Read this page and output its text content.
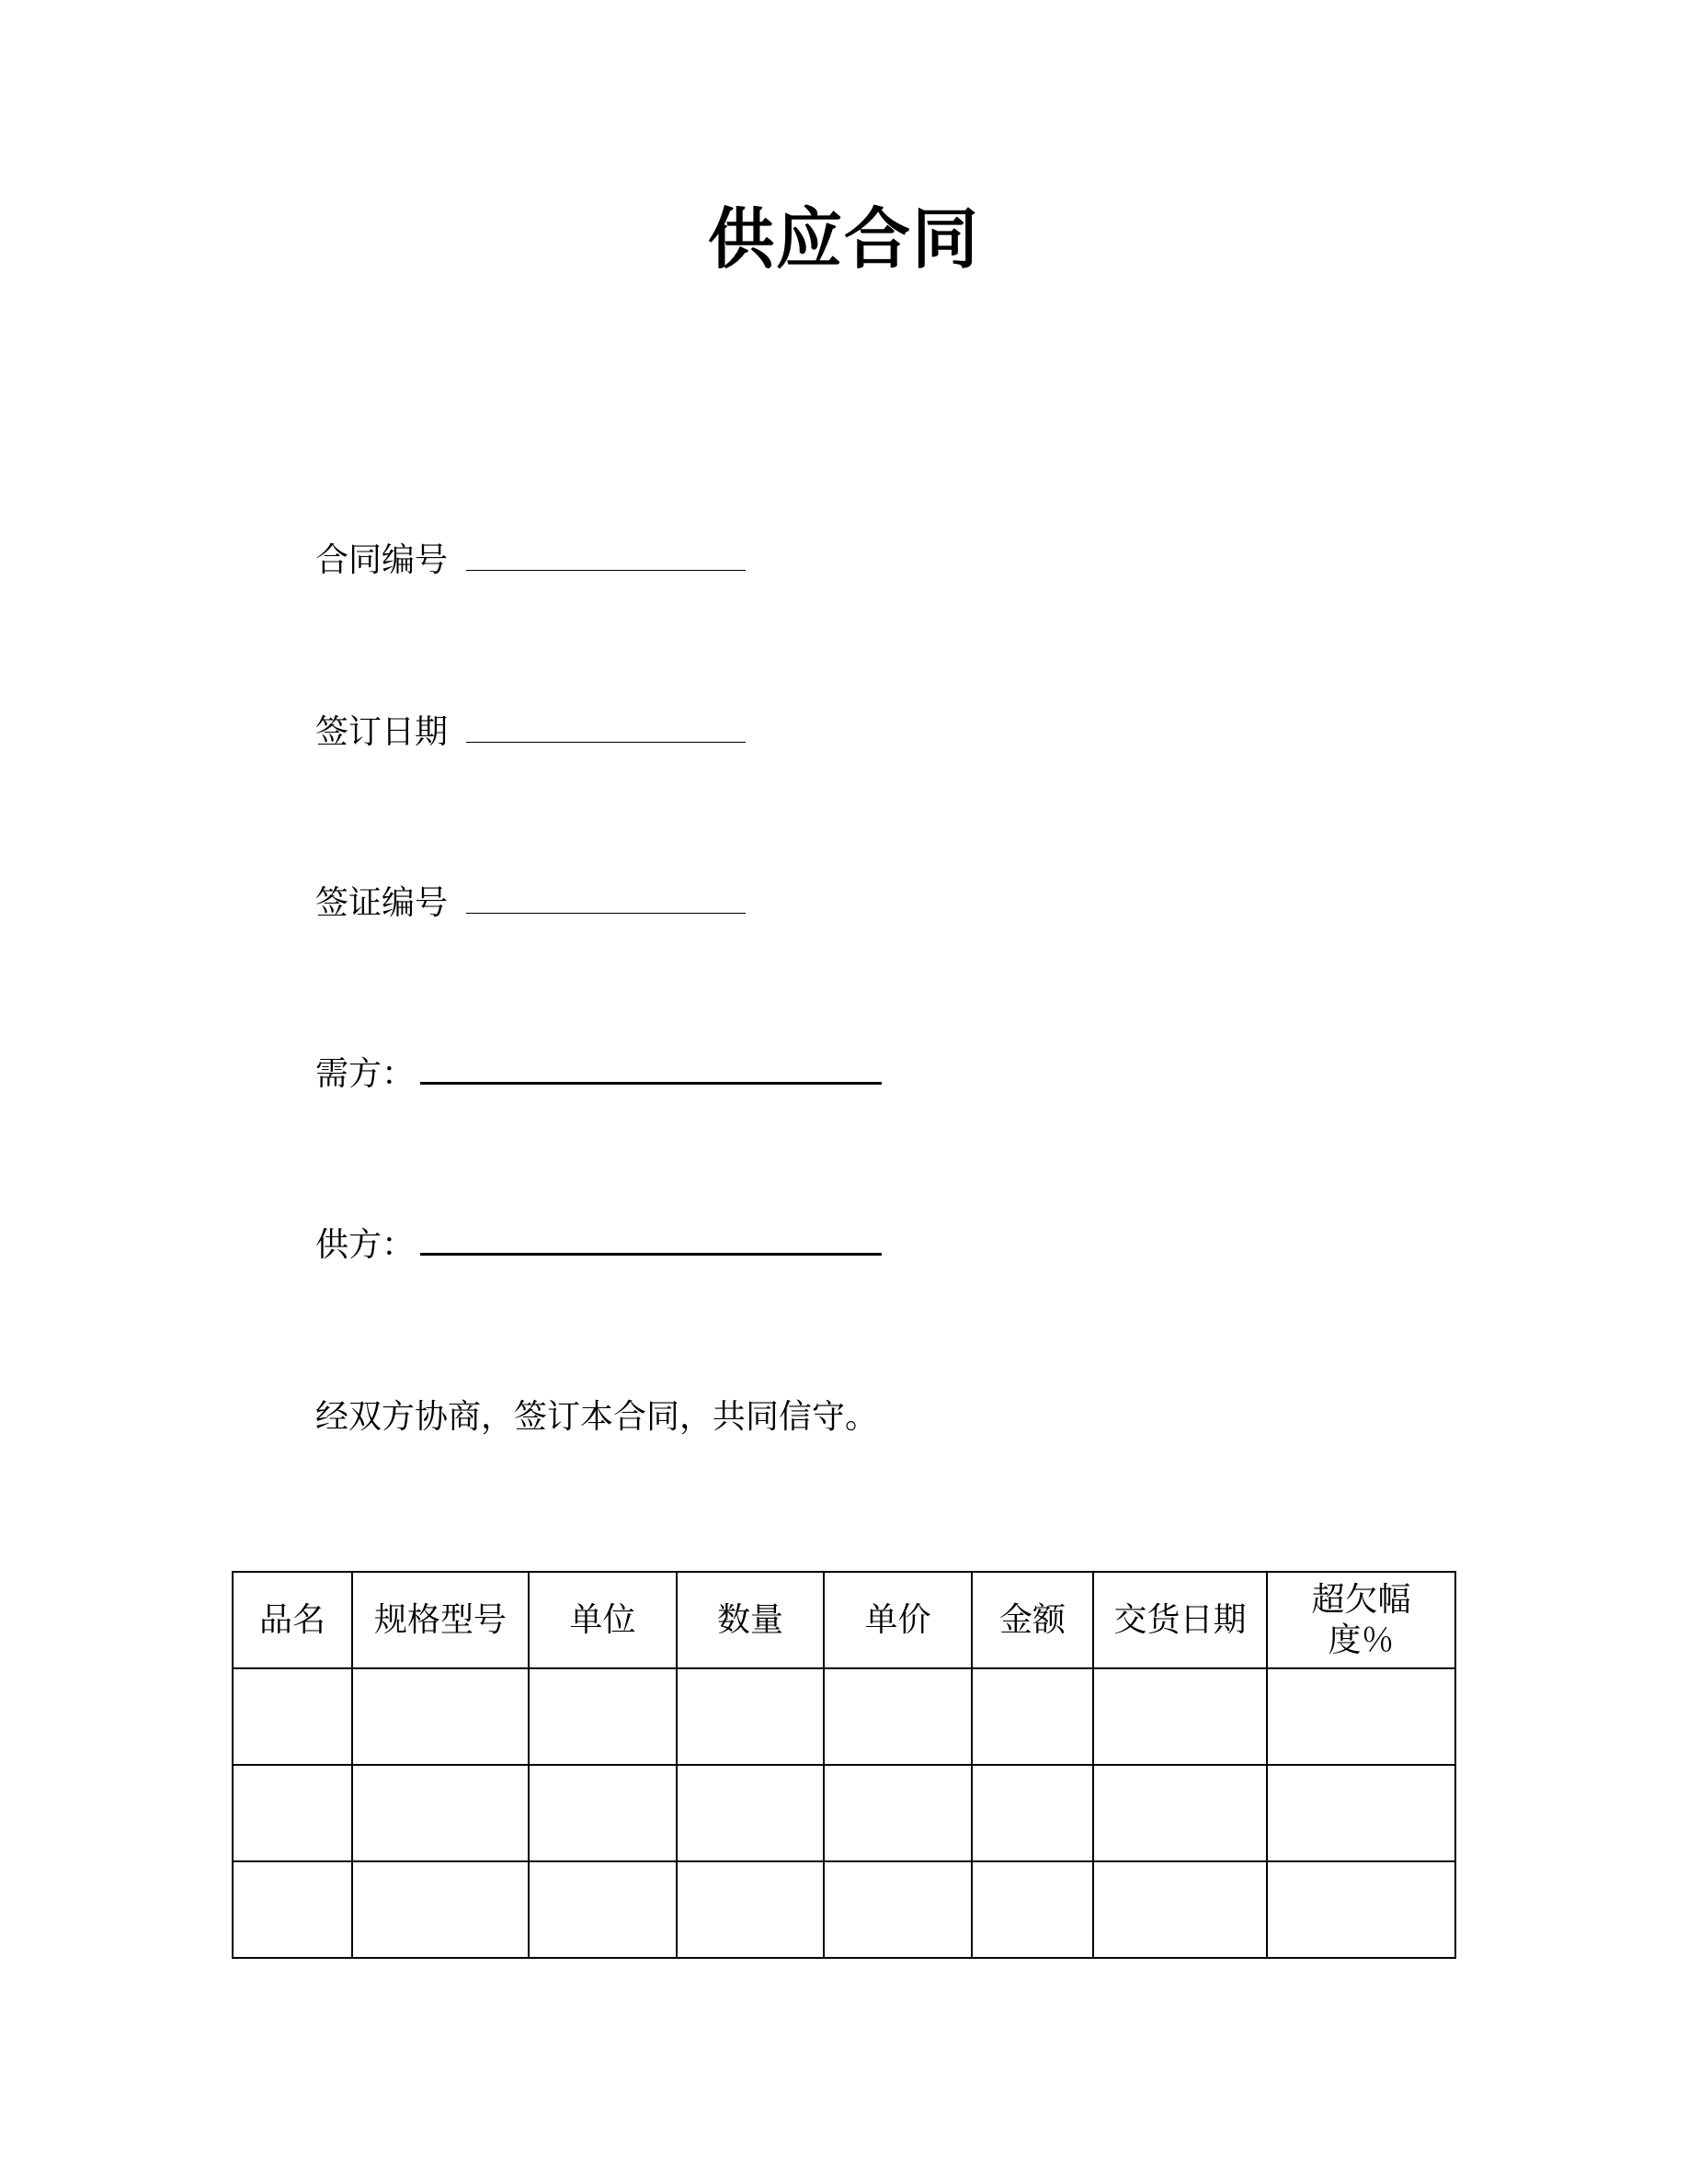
供应合同
合同编号
签订日期
签证编号
需方：
供方：
经双方协商，签订本合同，共同信守。
品名	规格型号	单位	数量	单价	金额	交货日期	超欠幅度％
